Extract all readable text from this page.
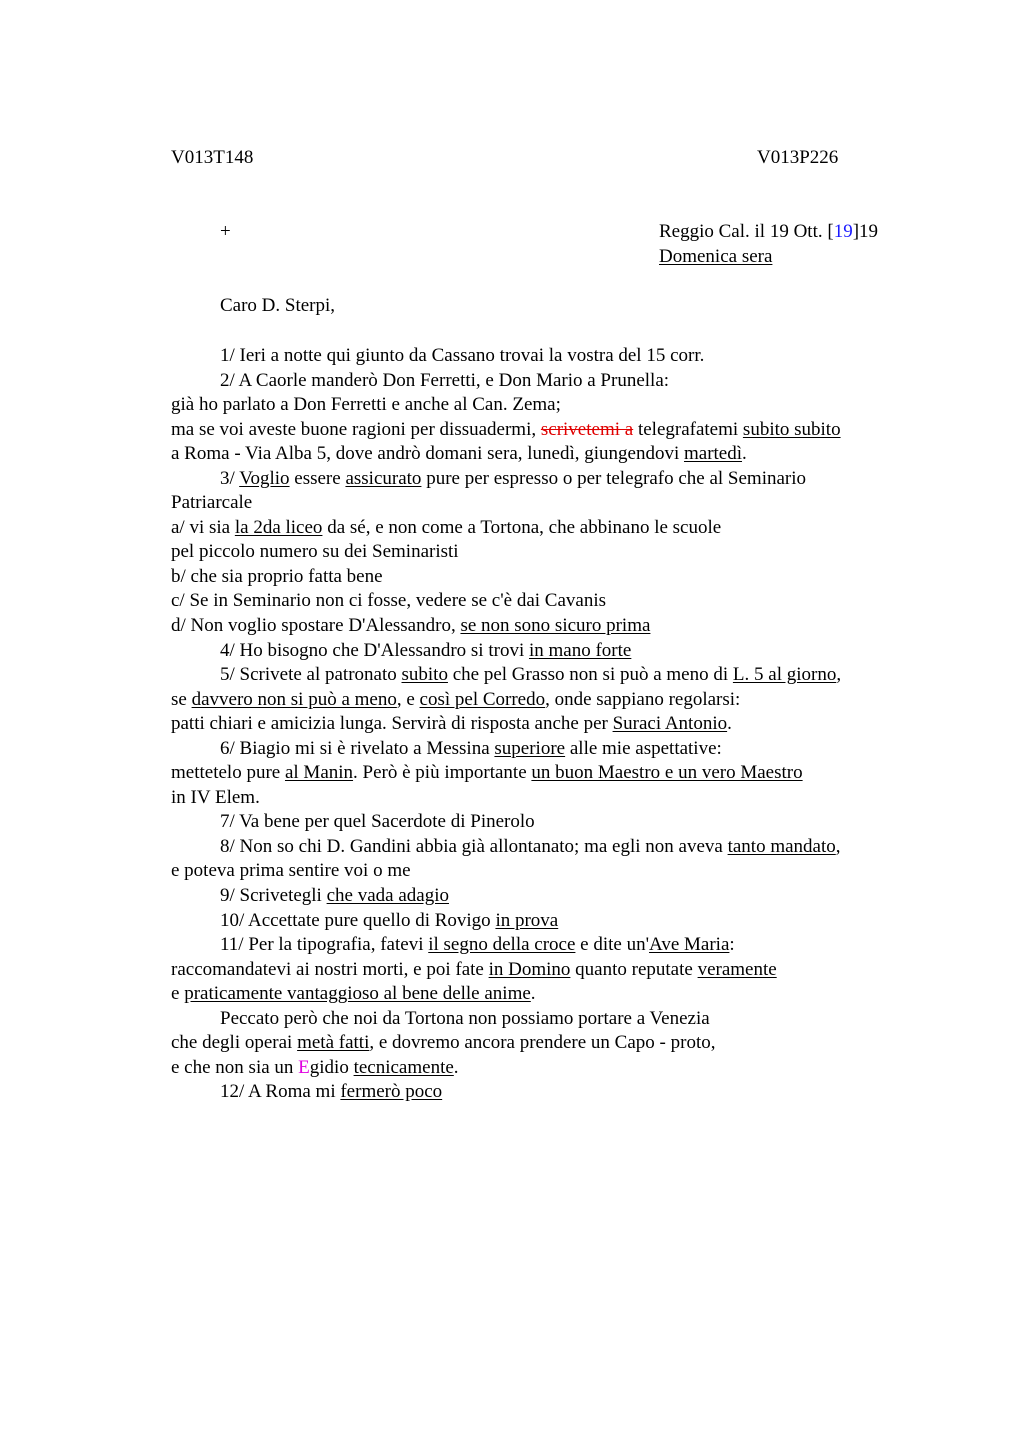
V013T148	V013P226
+	Reggio Cal. il 19 Ott. [19]19
Domenica sera
Caro D. Sterpi,
1/ Ieri a notte qui giunto da Cassano trovai la vostra del 15 corr.
2/ A Caorle manderò Don Ferretti, e Don Mario a Prunella:
già ho parlato a Don Ferretti e anche al Can. Zema;
ma se voi aveste buone ragioni per dissuadermi, scrivetemi a telegrafatemi subito subito
a Roma - Via Alba 5, dove andrò domani sera, lunedì, giungendovi martedì.
3/ Voglio essere assicurato pure per espresso o per telegrafo che al Seminario
Patriarcale
a/ vi sia la 2da liceo da sé, e non come a Tortona, che abbinano le scuole
pel piccolo numero su dei Seminaristi
b/ che sia proprio fatta bene
c/ Se in Seminario non ci fosse, vedere se c'è dai Cavanis
d/ Non voglio spostare D'Alessandro, se non sono sicuro prima
4/ Ho bisogno che D'Alessandro si trovi in mano forte
5/ Scrivete al patronato subito che pel Grasso non si può a meno di L. 5 al giorno,
se davvero non si può a meno, e così pel Corredo, onde sappiano regolarsi:
patti chiari e amicizia lunga. Servirà di risposta anche per Suraci Antonio.
6/ Biagio mi si è rivelato a Messina superiore alle mie aspettative:
mettetelo pure al Manin. Però è più importante un buon Maestro e un vero Maestro
in IV Elem.
7/ Va bene per quel Sacerdote di Pinerolo
8/ Non so chi D. Gandini abbia già allontanato; ma egli non aveva tanto mandato,
e poteva prima sentire voi o me
9/ Scrivetegli che vada adagio
10/ Accettate pure quello di Rovigo in prova
11/ Per la tipografia, fatevi il segno della croce e dite un'Ave Maria:
raccomandatevi ai nostri morti, e poi fate in Domino quanto reputate veramente
e praticamente vantaggioso al bene delle anime.
Peccato però che noi da Tortona non possiamo portare a Venezia
che degli operai metà fatti, e dovremo ancora prendere un Capo - proto,
e che non sia un Egidio tecnicamente.
12/ A Roma mi fermerò poco
